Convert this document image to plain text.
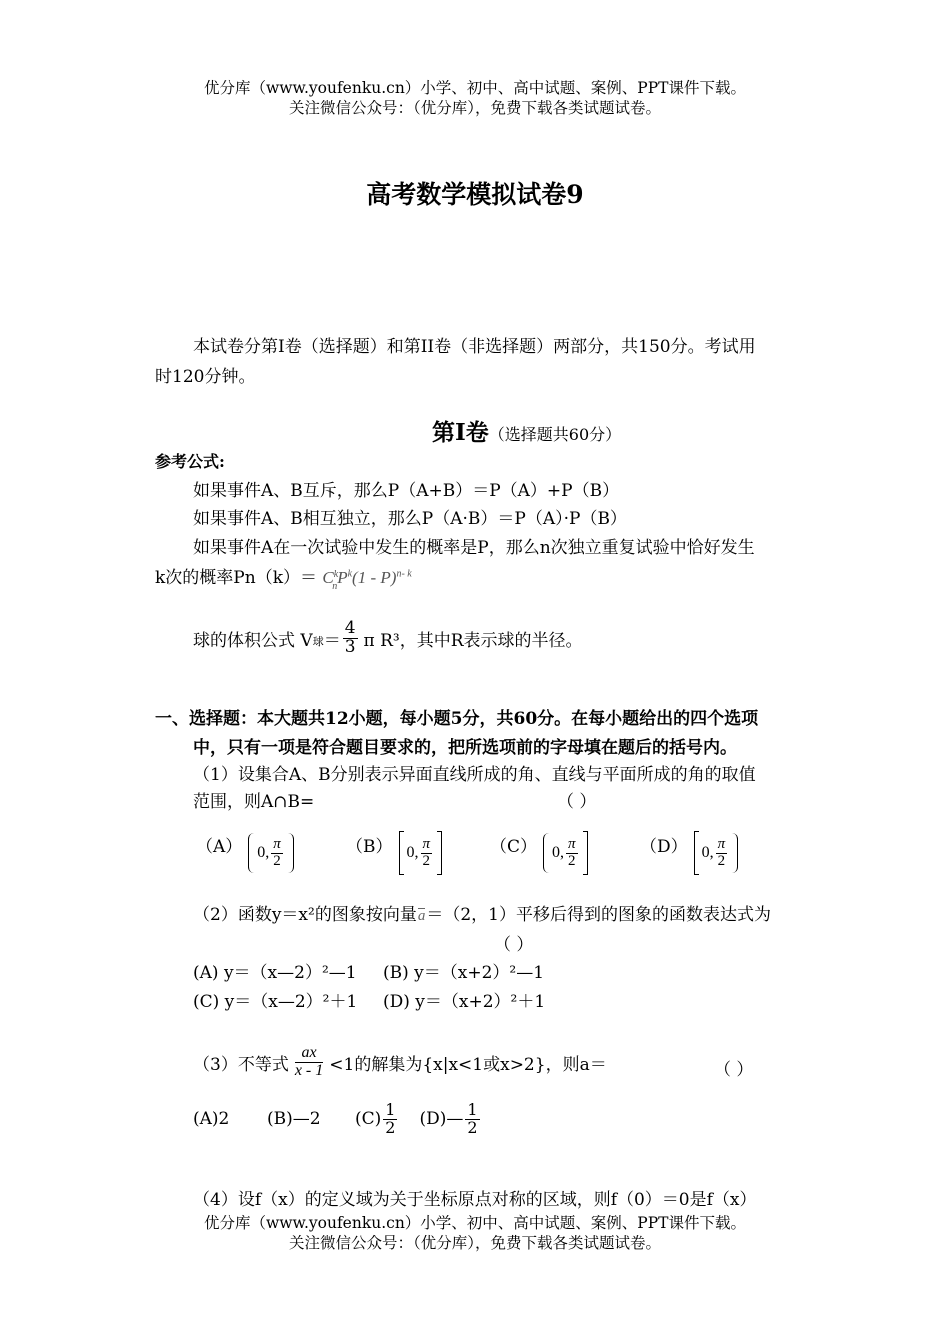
优分库（www.youfenku.cn）小学、初中、高中试题、案例、PPT课件下载。
关注微信公众号：（优分库），免费下载各类试题试卷。
高考数学模拟试卷9
本试卷分第I卷（选择题）和第II卷（非选择题）两部分，共150分。考试用
时120分钟。
第I卷（选择题共60分）
参考公式:
如果事件A、B互斥，那么P（A+B）＝P（A）+P（B）
如果事件A、B相互独立，那么P（A·B）＝P（A）·P（B）
如果事件A在一次试验中发生的概率是P，那么n次独立重复试验中恰好发生
k次的概率$Pn(k)= C^k_nP^k(1 - P)^{n- k}$
球的体积公式 V 球 ＝ $\frac{4}{3}$ π R³，其中R表示球的半径。
一、选择题：本大题共12小题，每小题5分，共60分。在每小题给出的四个选项
中，只有一项是符合题目要求的，把所选项前的字母填在题后的括号内。
（1）设集合A、B分别表示异面直线所成的角、直线与平面所成的角的取值
范围，则A∩B=	（ ）
（A） 0, $\frac{\pi}{2}$	（B） 0, $\frac{\pi}{2}$	（C） 0, $\frac{\pi}{2}$	（D） 0, $\frac{\pi}{2}$
（2）函数y＝x²的图象按向量a＝（2，1）平移后得到的图象的函数表达式为
（ ）
(A) y＝（x—2）²—1 (B) y＝（x+2）²—1
(C) y＝（x—2）²＋1 (D) y＝（x+2）²＋1
（3）不等式 $\frac{ax}{x - 1} <1$的解集为{x|x<1或x>2}，则a＝	（ ）
(A)2	(B)—2	$(C) \frac{1}{2}$ (D)— $\frac{1}{2}$
（4）设f（x）的定义域为关于坐标原点对称的区域，则f（0）＝0是f（x）
优分库（www.youfenku.cn）小学、初中、高中试题、案例、PPT课件下载。
关注微信公众号：（优分库），免费下载各类试题试卷。
